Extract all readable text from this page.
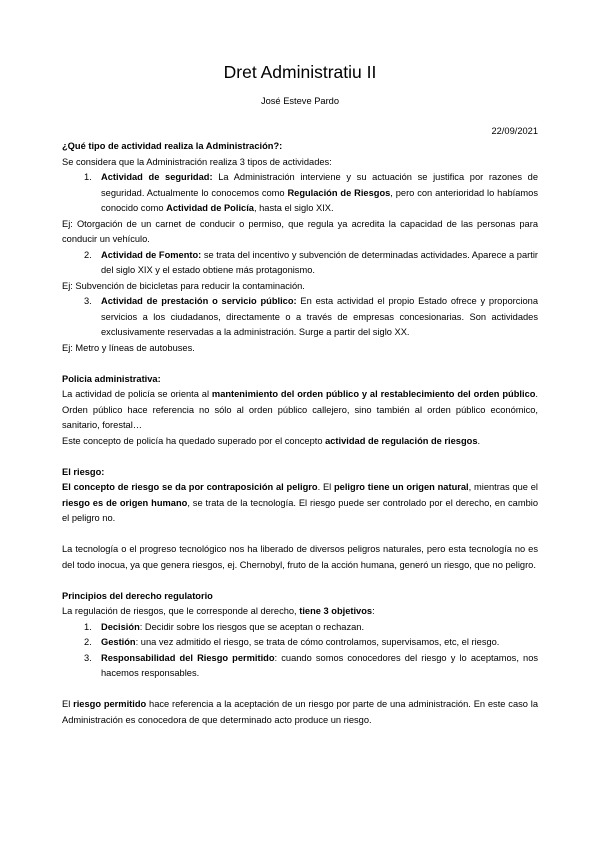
Dret Administratiu II

José Esteve Pardo

22/09/2021

¿Qué tipo de actividad realiza la Administración?:

Se considera que la Administración realiza 3 tipos de actividades:

1. Actividad de seguridad: La Administración interviene y su actuación se justifica por razones de seguridad. Actualmente lo conocemos como Regulación de Riesgos, pero con anterioridad lo habíamos conocido como Actividad de Policía, hasta el siglo XIX.

Ej: Otorgación de un carnet de conducir o permiso, que regula ya acredita la capacidad de las personas para conducir un vehículo.

2. Actividad de Fomento: se trata del incentivo y subvención de determinadas actividades. Aparece a partir del siglo XIX y el estado obtiene más protagonismo.

Ej: Subvención de bicicletas para reducir la contaminación.

3. Actividad de prestación o servicio público: En esta actividad el propio Estado ofrece y proporciona servicios a los ciudadanos, directamente o a través de empresas concesionarias. Son actividades exclusivamente reservadas a la administración. Surge a partir del siglo XX.

Ej: Metro y líneas de autobuses.

Policia administrativa:

La actividad de policía se orienta al mantenimiento del orden público y al restablecimiento del orden público. Orden público hace referencia no sólo al orden público callejero, sino también al orden público económico, sanitario, forestal…

Este concepto de policía ha quedado superado por el concepto actividad de regulación de riesgos.

El riesgo:

El concepto de riesgo se da por contraposición al peligro. El peligro tiene un origen natural, mientras que el riesgo es de origen humano, se trata de la tecnología. El riesgo puede ser controlado por el derecho, en cambio el peligro no.

La tecnología o el progreso tecnológico nos ha liberado de diversos peligros naturales, pero esta tecnología no es del todo inocua, ya que genera riesgos, ej. Chernobyl, fruto de la acción humana, generó un riesgo, que no peligro.

Principios del derecho regulatorio

La regulación de riesgos, que le corresponde al derecho, tiene 3 objetivos:

1. Decisión: Decidir sobre los riesgos que se aceptan o rechazan.

2. Gestión: una vez admitido el riesgo, se trata de cómo controlamos, supervisamos, etc, el riesgo.

3. Responsabilidad del Riesgo permitido: cuando somos conocedores del riesgo y lo aceptamos, nos hacemos responsables.

El riesgo permitido hace referencia a la aceptación de un riesgo por parte de una administración. En este caso la Administración es conocedora de que determinado acto produce un riesgo.
